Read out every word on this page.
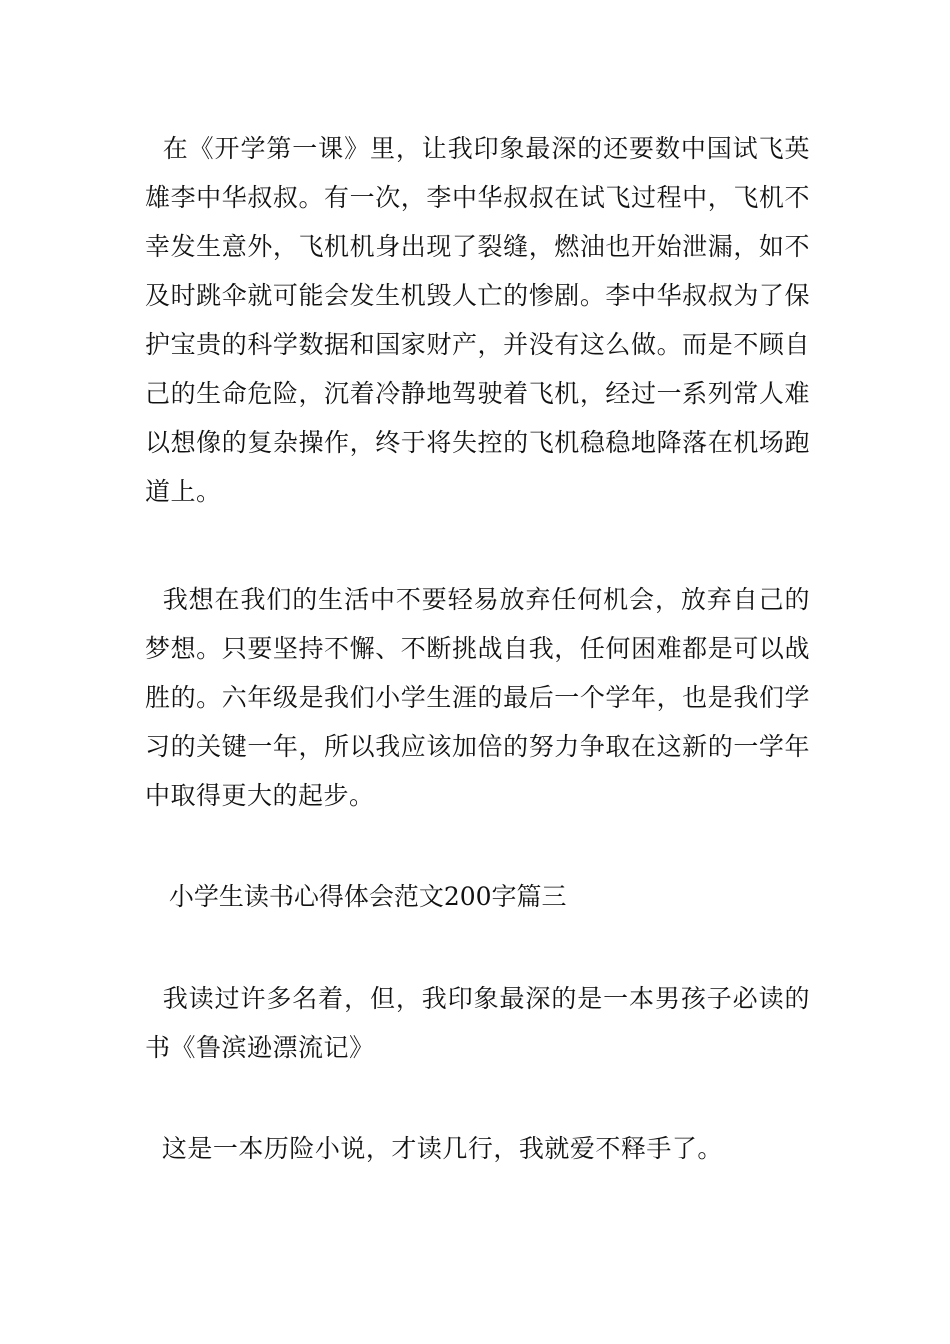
在《开学第一课》里，让我印象最深的还要数中国试飞英雄李中华叔叔。有一次，李中华叔叔在试飞过程中，飞机不幸发生意外，飞机机身出现了裂缝，燃油也开始泄漏，如不及时跳伞就可能会发生机毁人亡的惨剧。李中华叔叔为了保护宝贵的科学数据和国家财产，并没有这么做。而是不顾自己的生命危险，沉着冷静地驾驶着飞机，经过一系列常人难以想像的复杂操作，终于将失控的飞机稳稳地降落在机场跑道上。

我想在我们的生活中不要轻易放弃任何机会，放弃自己的梦想。只要坚持不懈、不断挑战自我，任何困难都是可以战胜的。六年级是我们小学生涯的最后一个学年，也是我们学习的关键一年，所以我应该加倍的努力争取在这新的一学年中取得更大的起步。

小学生读书心得体会范文200字篇三

我读过许多名着，但，我印象最深的是一本男孩子必读的书《鲁滨逊漂流记》

这是一本历险小说，才读几行，我就爱不释手了。
